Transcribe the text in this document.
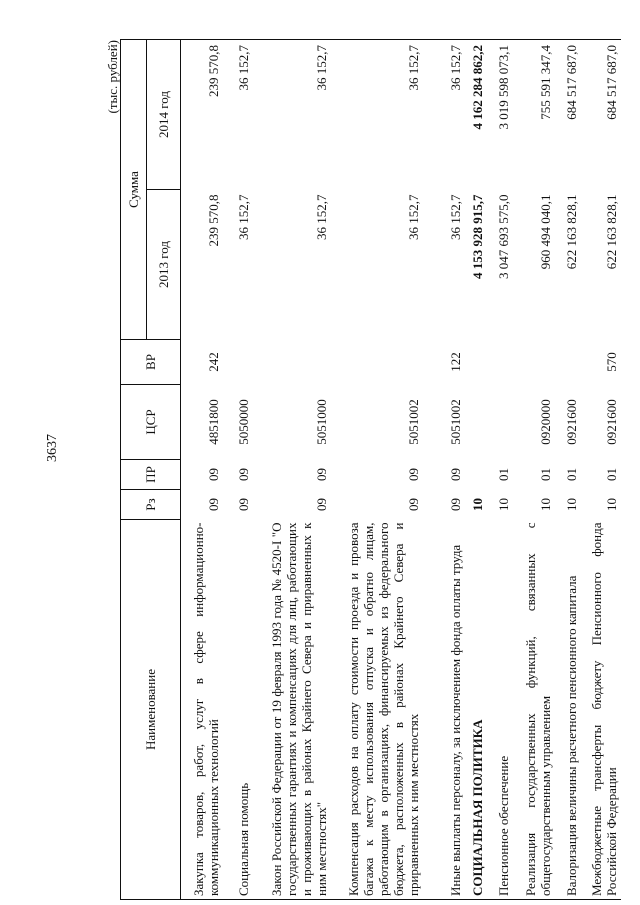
3637
(тыс. рублей)
Наименование	Рз	ПР	ЦСР	ВР	Сумма	
					2013 год	2014 год
Закупка товаров, работ, услуг в сфере информационно-коммуникационных технологий	09	09	4851800	242	239 570,8	239 570,8
Социальная помощь	09	09	5050000		36 152,7	36 152,7
Закон Российской Федерации от 19 февраля 1993 года № 4520-I "О государственных гарантиях и компенсациях для лиц, работающих и проживающих в районах Крайнего Севера и приравненных к ним местностях"	09	09	5051000		36 152,7	36 152,7
Компенсация расходов на оплату стоимости проезда и провоза багажа к месту использования отпуска и обратно лицам, работающим в организациях, финансируемых из федерального бюджета, расположенных в районах Крайнего Севера и приравненных к ним местностях	09	09	5051002		36 152,7	36 152,7
Иные выплаты персоналу, за исключением фонда оплаты труда	09	09	5051002	122	36 152,7	36 152,7
СОЦИАЛЬНАЯ ПОЛИТИКА	10				4 153 928 915,7	4 162 284 862,2
Пенсионное обеспечение	10	01			3 047 693 575,0	3 019 598 073,1
Реализация государственных функций, связанных с общегосударственным управлением	10	01	0920000		960 494 040,1	755 591 347,4
Валоризация величины расчетного пенсионного капитала	10	01	0921600		622 163 828,1	684 517 687,0
Межбюджетные трансферты бюджету Пенсионного фонда Российской Федерации	10	01	0921600	570	622 163 828,1	684 517 687,0
